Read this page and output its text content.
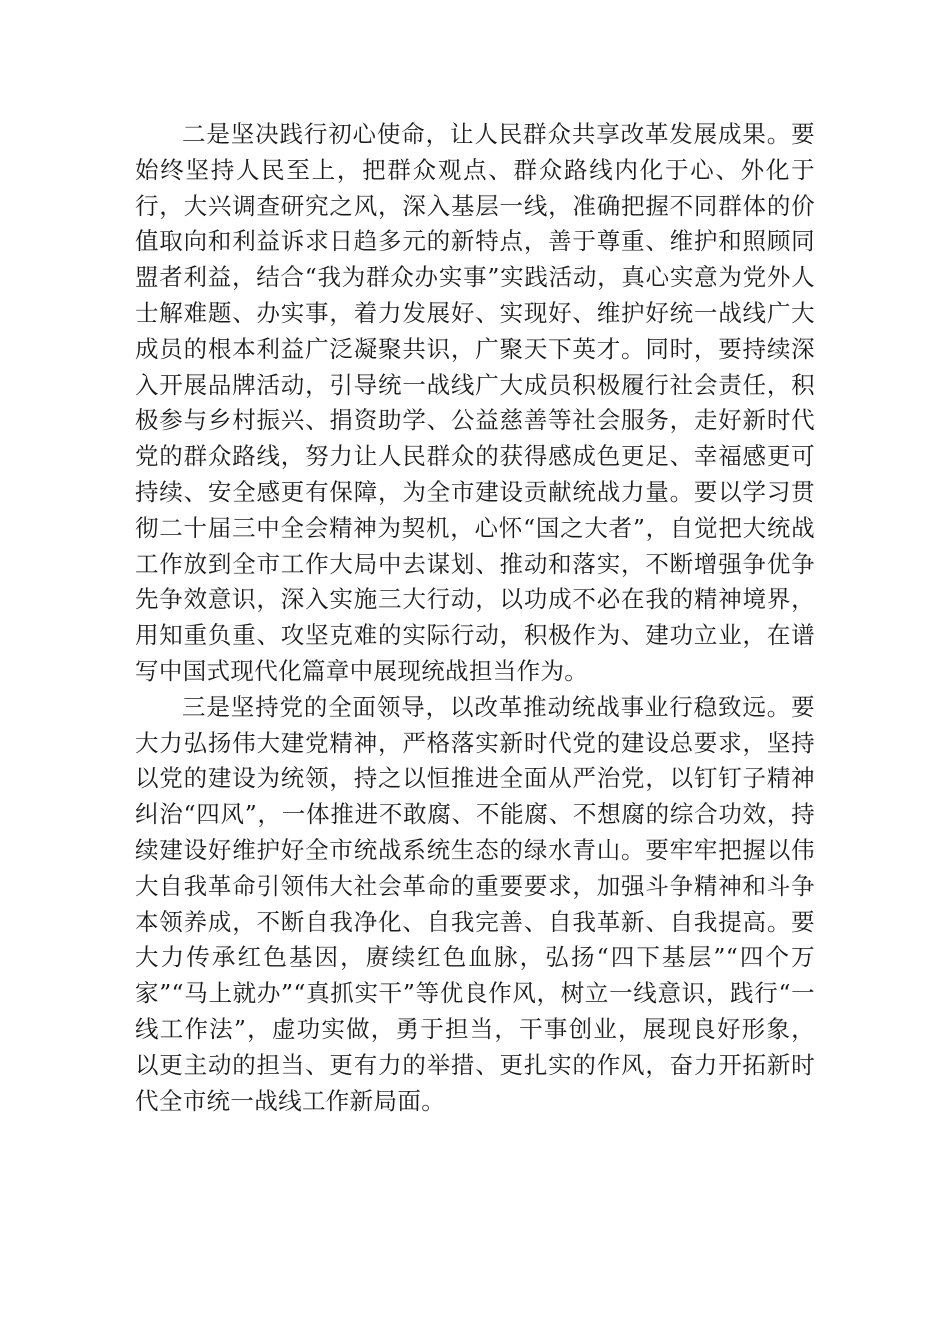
二是坚决践行初心使命，让人民群众共享改革发展成果。要始终坚持人民至上，把群众观点、群众路线内化于心、外化于行，大兴调查研究之风，深入基层一线，准确把握不同群体的价值取向和利益诉求日趋多元的新特点，善于尊重、维护和照顾同盟者利益，结合“我为群众办实事”实践活动，真心实意为党外人士解难题、办实事，着力发展好、实现好、维护好统一战线广大成员的根本利益广泛凝聚共识，广聚天下英才。同时，要持续深入开展品牌活动，引导统一战线广大成员积极履行社会责任，积极参与乡村振兴、捐资助学、公益慈善等社会服务，走好新时代党的群众路线，努力让人民群众的获得感成色更足、幸福感更可持续、安全感更有保障，为全市建设贡献统战力量。要以学习贯彻二十届三中全会精神为契机，心怀“国之大者”，自觉把大统战工作放到全市工作大局中去谋划、推动和落实，不断增强争优争先争效意识，深入实施三大行动，以功成不必在我的精神境界，用知重负重、攻坚克难的实际行动，积极作为、建功立业，在谱写中国式现代化篇章中展现统战担当作为。

三是坚持党的全面领导，以改革推动统战事业行稳致远。要大力弘扬伟大建党精神，严格落实新时代党的建设总要求，坚持以党的建设为统领，持之以恒推进全面从严治党，以钉钉子精神纠治“四风”，一体推进不敢腐、不能腐、不想腐的综合功效，持续建设好维护好全市统战系统生态的绿水青山。要牢牢把握以伟大自我革命引领伟大社会革命的重要要求，加强斗争精神和斗争本领养成，不断自我净化、自我完善、自我革新、自我提高。要大力传承红色基因，赓续红色血脉，弘扬“四下基层”“四个万家”“马上就办”“真抓实干”等优良作风，树立一线意识，践行“一线工作法”，虚功实做，勇于担当，干事创业，展现良好形象，以更主动的担当、更有力的举措、更扎实的作风，奋力开拓新时代全市统一战线工作新局面。
